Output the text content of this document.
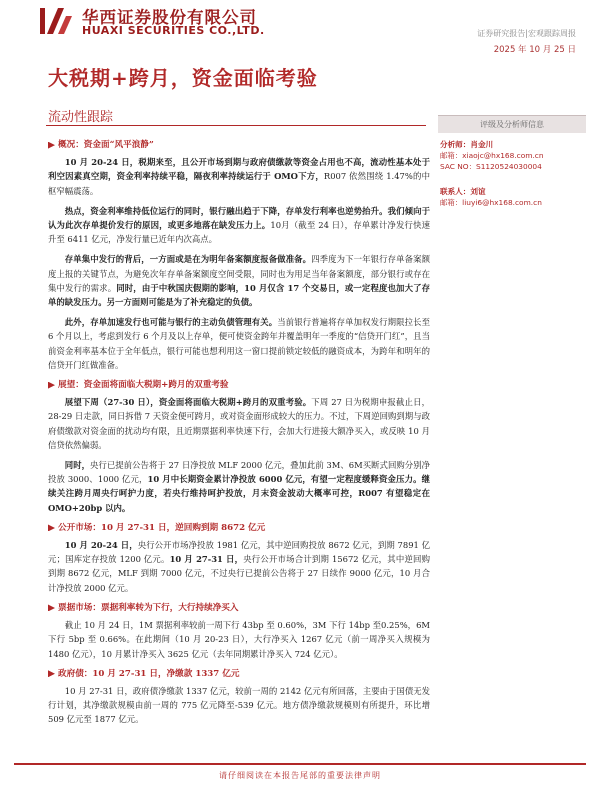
华西证券股份有限公司
HUAXI SECURITIES CO.,LTD.	证券研究报告|宏观跟踪周报
2025 年 10 月 25 日
大税期+跨月，资金面临考验
流动性跟踪	评级及分析师信息
分析师：肖金川
邮箱：xiaojc@hx168.com.cn
SAC NO：S1120524030004
联系人：刘谊
邮箱：liuyi6@hx168.com.cn
概况：资金面“风平浪静”

10 月 20-24 日，税期来至，且公开市场到期与政府债缴款等资金占用也不高，流动性基本处于利空因素真空期，资金利率持续平稳，隔夜利率持续运行于 OMO下方，R007 依然围绕 1.47%的中枢窄幅震荡。

热点，资金利率维持低位运行的同时，银行融出趋于下降，存单发行利率也逆势抬升。我们倾向于认为此次存单提价发行的原因，或更多地落在缺发压力上。10月（截至 24 日），存单累计净发行快速升至 6411 亿元，净发行量已近年内次高点。

存单集中发行的背后，一方面或是在为明年备案额度报备做准备。四季度为下一年银行存单备案额度上报的关键节点，为避免次年存单备案额度空间受限，同时也为用足当年备案额度，部分银行或存在集中发行的需求。同时，由于中秋国庆假期的影响，10 月仅含 17 个交易日，或一定程度也加大了存单的缺发压力。另一方面则可能是为了补充稳定的负债。

此外，存单加速发行也可能与银行的主动负债管理有关。当前银行普遍将存单加权发行期限拉长至 6 个月以上，考虑到发行 6 个月及以上存单，便可使资金跨年并覆盖明年一季度的“信贷开门红”，且当前资金利率基本位于全年低点，银行可能也想利用这一窗口提前锁定较低的融资成本，为跨年和明年的信贷开门红做准备。

展望：资金面将面临大税期+跨月的双重考验

展望下周（27-30 日），资金面将面临大税期+跨月的双重考验。下周 27 日为税期申报截止日，28-29 日走款，同日拆借 7 天资金便可跨月，或对资金面形成较大的压力。不过，下周逆回购到期与政府债缴款对资金面的扰动均有限，且近期票据利率快速下行，会加大行进接大额净买入，或反映 10 月信贷依然偏弱。

同时，央行已提前公告将于 27 日净投放 MLF 2000 亿元，叠加此前 3M、6M买断式回购分别净投放 3000、1000 亿元，10 月中长期资金累计净投放 6000 亿元，有望一定程度缓释资金压力。继续关注跨月周央行呵护力度，若央行维持呵护投放，月末资金波动大概率可控，R007 有望稳定在 OMO+20bp 以内。

公开市场：10 月 27-31 日，逆回购到期 8672 亿元

10 月 20-24 日，央行公开市场净投放 1981 亿元，其中逆回购投放 8672 亿元，到期 7891 亿元；国库定存投放 1200 亿元。10 月 27-31 日，央行公开市场合计到期 15672 亿元，其中逆回购到期 8672 亿元，MLF 到期 7000 亿元，不过央行已提前公告将于 27 日续作 9000 亿元，10 月合计净投放 2000 亿元。

票据市场：票据利率转为下行，大行持续净买入

截止 10 月 24 日，1M 票据利率较前一周下行 43bp 至 0.60%，3M 下行 14bp 至0.25%，6M 下行 5bp 至 0.66%。在此期间（10 月 20-23 日），大行净买入 1267 亿元（前一周净买入规模为 1480 亿元），10 月累计净买入 3625 亿元（去年同期累计净买入 724 亿元）。

政府债：10 月 27-31 日，净缴款 1337 亿元

10 月 27-31 日，政府债净缴款 1337 亿元，较前一周的 2142 亿元有所回落，主要由于国债无发行计划，其净缴款规模由前一周的 775 亿元降至-539 亿元。地方债净缴款规模则有所提升，环比增 509 亿元至 1877 亿元。

请仔细阅读在本报告尾部的重要法律声明
